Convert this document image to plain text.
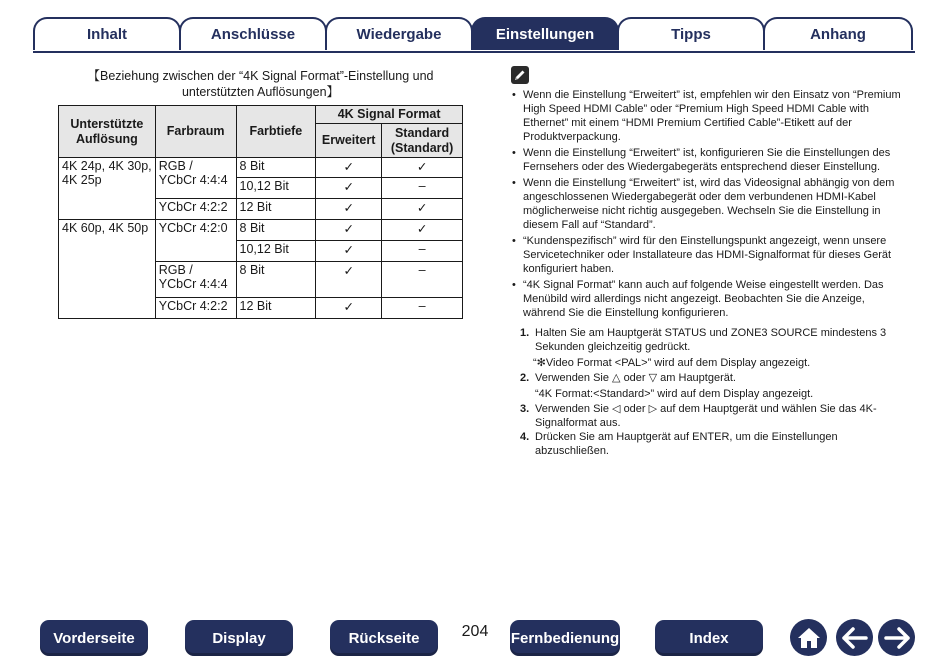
Inhalt	Anschlüsse	Wiedergabe	Einstellungen	Tipps	Anhang
【Beziehung zwischen der “4K Signal Format”-Einstellung und
unterstützten Auflösungen】
Unterstützte Auflösung	Farbraum	Farbtiefe	4K Signal Format	
			Erweitert	Standard (Standard)
4K 24p, 4K 30p, 4K 25p	RGB / YCbCr 4:4:4	8 Bit	✓	✓
		10,12 Bit	✓	–
	YCbCr 4:2:2	12 Bit	✓	✓
4K 60p, 4K 50p	YCbCr 4:2:0	8 Bit	✓	✓
		10,12 Bit	✓	–
	RGB / YCbCr 4:4:4	8 Bit	✓	–
	YCbCr 4:2:2	12 Bit	✓	–
• Wenn die Einstellung “Erweitert” ist, empfehlen wir den Einsatz von “Premium High Speed HDMI Cable” oder “Premium High Speed HDMI Cable with Ethernet” mit einem “HDMI Premium Certified Cable”-Etikett auf der Produktverpackung.
• Wenn die Einstellung “Erweitert” ist, konfigurieren Sie die Einstellungen des Fernsehers oder des Wiedergabegeräts entsprechend dieser Einstellung.
• Wenn die Einstellung “Erweitert” ist, wird das Videosignal abhängig von dem angeschlossenen Wiedergabegerät oder dem verbundenen HDMI-Kabel möglicherweise nicht richtig ausgegeben. Wechseln Sie die Einstellung in diesem Fall auf “Standard”.
• “Kundenspezifisch” wird für den Einstellungspunkt angezeigt, wenn unsere Servicetechniker oder Installateure das HDMI-Signalformat für dieses Gerät konfiguriert haben.
• “4K Signal Format” kann auch auf folgende Weise eingestellt werden. Das Menübild wird allerdings nicht angezeigt. Beobachten Sie die Anzeige, während Sie die Einstellung konfigurieren.
1. Halten Sie am Hauptgerät STATUS und ZONE3 SOURCE mindestens 3 Sekunden gleichzeitig gedrückt.
“✻Video Format <PAL>” wird auf dem Display angezeigt.
2. Verwenden Sie △ oder ▽ am Hauptgerät.
“4K Format:<Standard>” wird auf dem Display angezeigt.
3. Verwenden Sie ◁ oder ▷ auf dem Hauptgerät und wählen Sie das 4K-Signalformat aus.
4. Drücken Sie am Hauptgerät auf ENTER, um die Einstellungen abzuschließen.
Vorderseite	Display	Rückseite	204	Fernbedienung	Index
